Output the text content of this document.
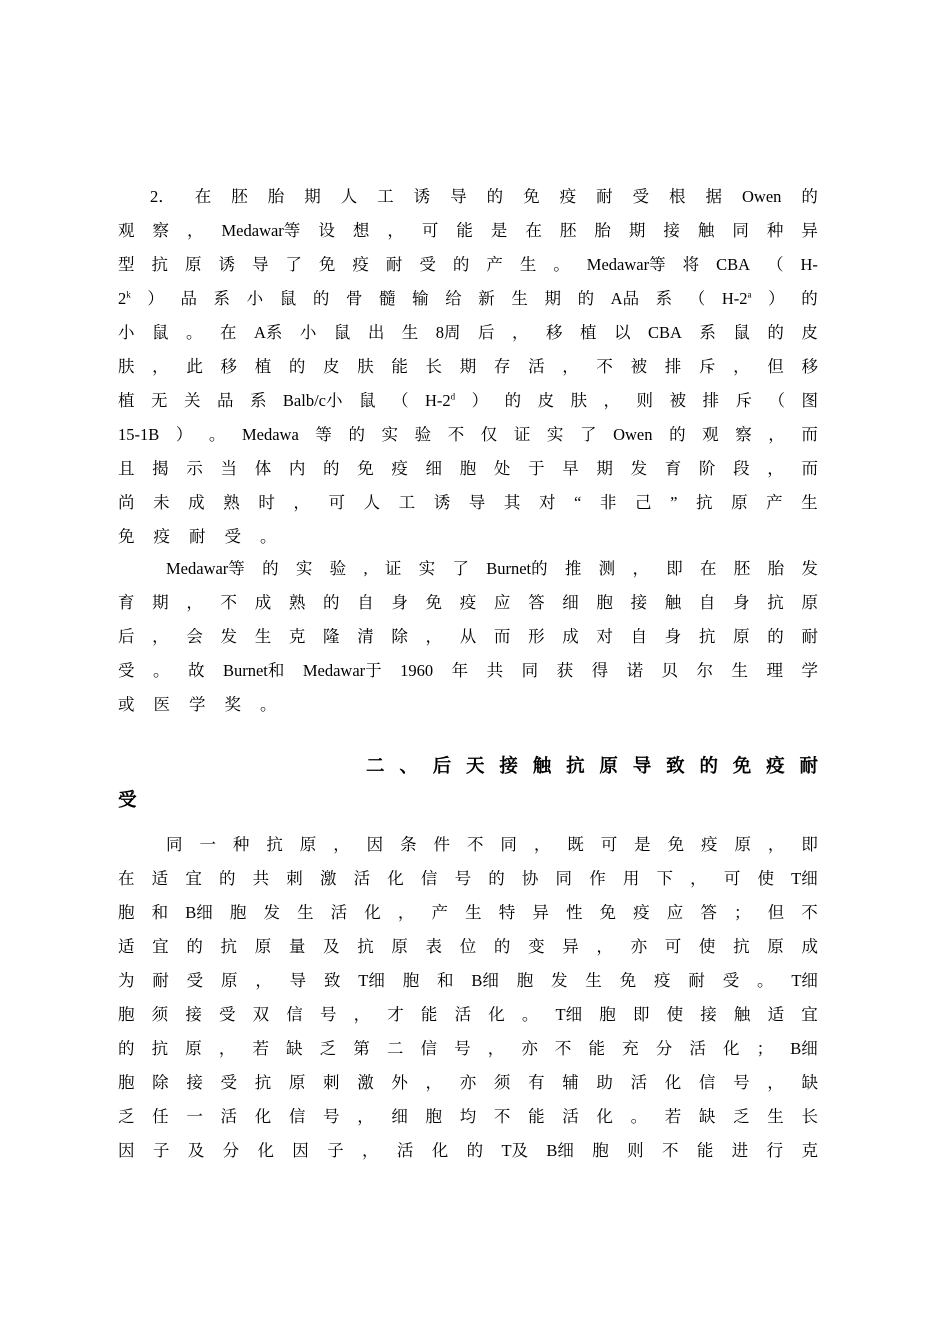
2． 在 胚 胎 期 人 工 诱 导 的 免 疫 耐 受 根 据 Owen 的
观 察 ， Medawar等 设 想 ， 可 能 是 在 胚 胎 期 接 触 同 种 异
型 抗 原 诱 导 了 免 疫 耐 受 的 产 生 。 Medawar等 将 CBA （ H-
2$^k$ ） 品 系 小 鼠 的 骨 髓 输 给 新 生 期 的 A品 系 （ H-2$^a$ ） 的
小 鼠 。 在 A系 小 鼠 出 生 8周 后 ， 移 植 以 CBA 系 鼠 的 皮
肤 ， 此 移 植 的 皮 肤 能 长 期 存 活 ， 不 被 排 斥 ， 但 移
植 无 关 品 系 Balb/c小 鼠 （ H-2$^d$ ） 的 皮 肤 ， 则 被 排 斥 （ 图
15-1B ） 。 Medawa 等 的 实 验 不 仅 证 实 了 Owen 的 观 察 ， 而
且 揭 示 当 体 内 的 免 疫 细 胞 处 于 早 期 发 育 阶 段 ， 而
尚 未 成 熟 时 ， 可 人 工 诱 导 其 对 “ 非 己 ” 抗 原 产 生
免 疫 耐 受 。
Medawar等 的 实 验 , 证 实 了 Burnet的 推 测 ， 即 在 胚 胎 发
育 期 ， 不 成 熟 的 自 身 免 疫 应 答 细 胞 接 触 自 身 抗 原
后 ， 会 发 生 克 隆 清 除 ， 从 而 形 成 对 自 身 抗 原 的 耐
受 。 故 Burnet和 Medawar于 1960 年 共 同 获 得 诺 贝 尔 生 理 学
或 医 学 奖 。
二 、 后 天 接 触 抗 原 导 致 的 免 疫 耐
受
同 一 种 抗 原 ， 因 条 件 不 同 ， 既 可 是 免 疫 原 ， 即
在 适 宜 的 共 刺 激 活 化 信 号 的 协 同 作 用 下 ， 可 使 T细
胞 和 B细 胞 发 生 活 化 ， 产 生 特 异 性 免 疫 应 答 ； 但 不
适 宜 的 抗 原 量 及 抗 原 表 位 的 变 异 ， 亦 可 使 抗 原 成
为 耐 受 原 ， 导 致 T细 胞 和 B细 胞 发 生 免 疫 耐 受 。 T细
胞 须 接 受 双 信 号 ， 才 能 活 化 。 T细 胞 即 使 接 触 适 宜
的 抗 原 ， 若 缺 乏 第 二 信 号 ， 亦 不 能 充 分 活 化 ； B细
胞 除 接 受 抗 原 刺 激 外 ， 亦 须 有 辅 助 活 化 信 号 ， 缺
乏 任 一 活 化 信 号 ， 细 胞 均 不 能 活 化 。 若 缺 乏 生 长
因 子 及 分 化 因 子 ， 活 化 的 T及 B细 胞 则 不 能 进 行 克
